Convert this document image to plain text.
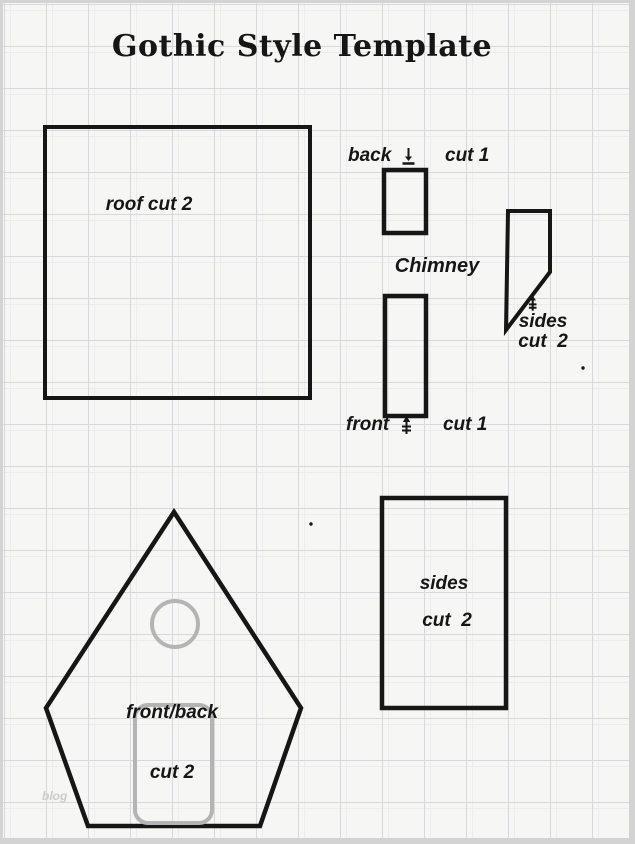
Gothic Style Template
roof cut 2
back

	cut 1
Chimney
front

	cut 1

sides
cut  2
sides
cut  2

front/back

cut 2

blog
